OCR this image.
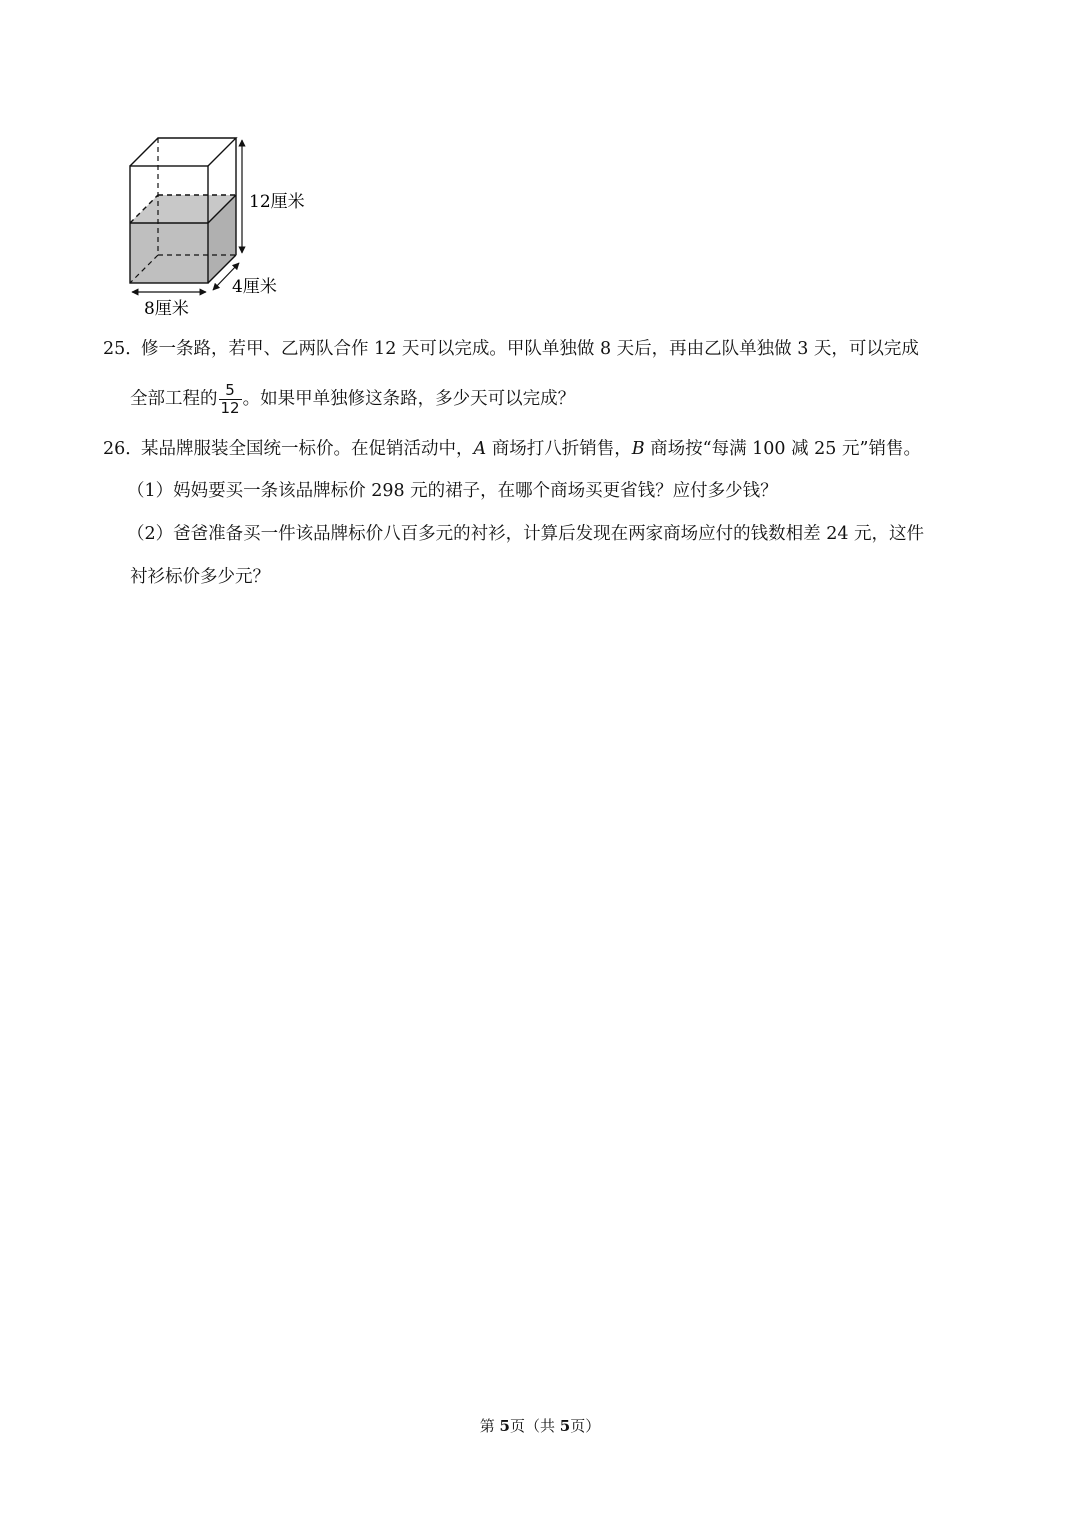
12厘米
4厘米
8厘米
25．修一条路，若甲、乙两队合作 12 天可以完成。甲队单独做 8 天后，再由乙队单独做 3 天，可以完成
全部工程的 $\frac{5}{12}$ 。如果甲单独修这条路，多少天可以完成？
26．某品牌服装全国统一标价。在促销活动中，A 商场打八折销售，B 商场按“每满 100 减 25 元”销售。
（1）妈妈要买一条该品牌标价 298 元的裙子，在哪个商场买更省钱？应付多少钱？
（2）爸爸准备买一件该品牌标价八百多元的衬衫，计算后发现在两家商场应付的钱数相差 24 元，这件
衬衫标价多少元？
第 5页（共 5页）
